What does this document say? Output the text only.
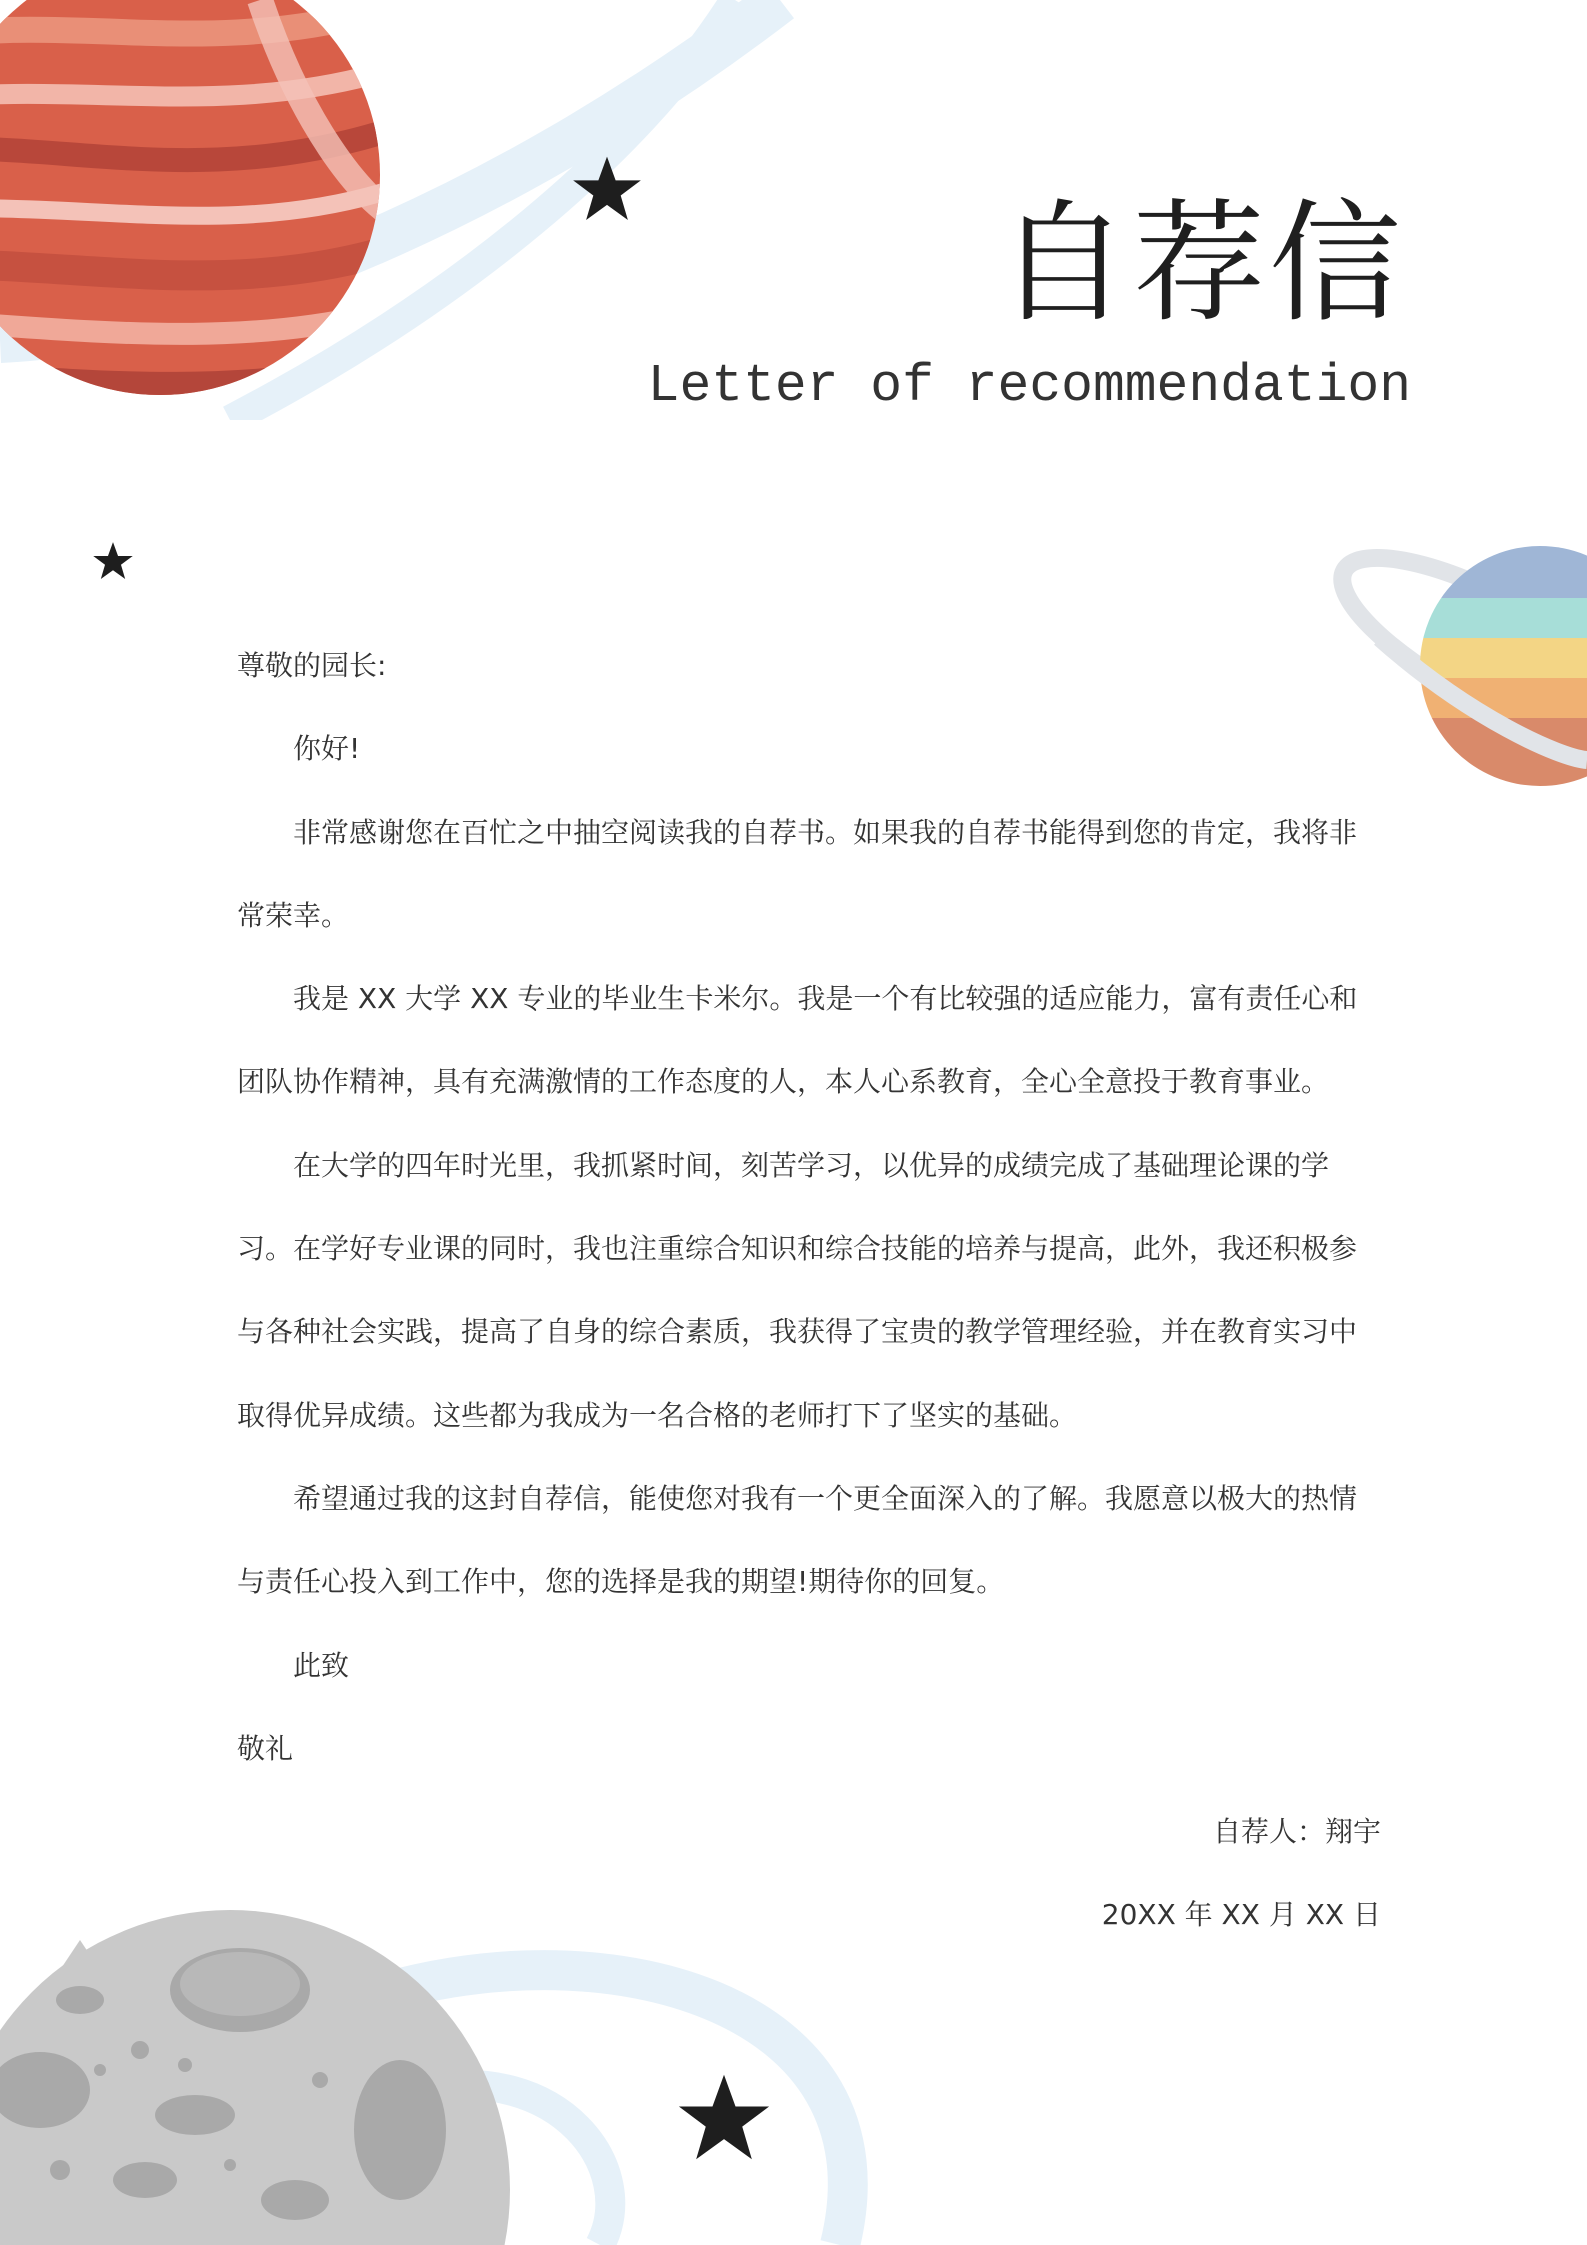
自荐信
Letter of recommendation

尊敬的园长:

你好!

非常感谢您在百忙之中抽空阅读我的自荐书。如果我的自荐书能得到您的肯定，我将非常荣幸。

我是 XX 大学 XX 专业的毕业生卡米尔。我是一个有比较强的适应能力，富有责任心和团队协作精神，具有充满激情的工作态度的人，本人心系教育，全心全意投于教育事业。

在大学的四年时光里，我抓紧时间，刻苦学习，以优异的成绩完成了基础理论课的学习。在学好专业课的同时，我也注重综合知识和综合技能的培养与提高，此外，我还积极参与各种社会实践，提高了自身的综合素质，我获得了宝贵的教学管理经验，并在教育实习中取得优异成绩。这些都为我成为一名合格的老师打下了坚实的基础。

希望通过我的这封自荐信，能使您对我有一个更全面深入的了解。我愿意以极大的热情与责任心投入到工作中，您的选择是我的期望!期待你的回复。

此致

敬礼

自荐人：翔宇

20XX 年 XX 月 XX 日
